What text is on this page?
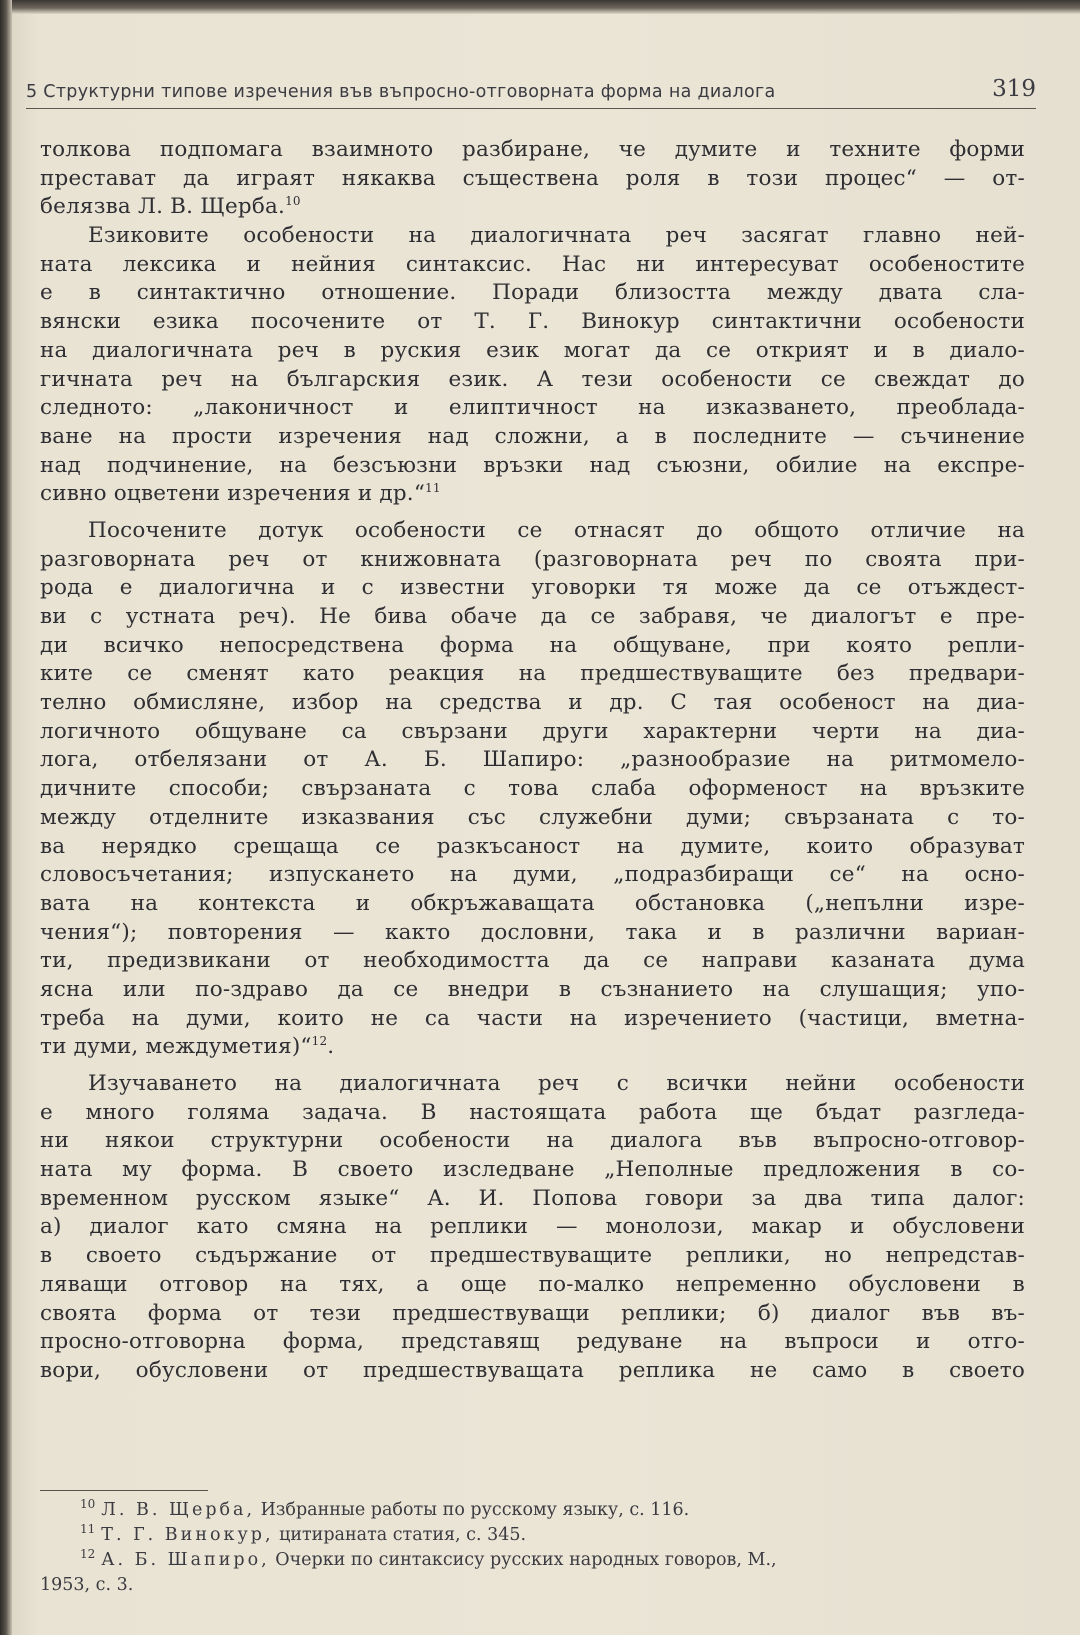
5 Структурни типове изречения във въпросно-отговорната форма на диалога	319
толкова подпомага взаимното разбиране, че думите и техните форми
престават да играят някаква съществена роля в този процес“ — от-
белязва Л. В. Щерба.$^{10}$
Езиковите особености на диалогичната реч засягат главно ней-
ната лексика и нейния синтаксис. Нас ни интересуват особеностите
е в синтактично отношение. Поради близостта между двата сла-
вянски езика посочените от Т. Г. Винокур синтактични особености
на диалогичната реч в руския език могат да се открият и в диало-
гичната реч на българския език. А тези особености се свеждат до
следното: „лаконичност и елиптичност на изказването, преоблада-
ване на прости изречения над сложни, а в последните — съчинение
над подчинение, на безсъюзни връзки над съюзни, обилие на експре-
сивно оцветени изречения и др.“$^{11}$
Посочените дотук особености се отнасят до общото отличие на
разговорната реч от книжовната (разговорната реч по своята при-
рода е диалогична и с известни уговорки тя може да се отъждест-
ви с устната реч). Не бива обаче да се забравя, че диалогът е пре-
ди всичко непосредствена форма на общуване, при която репли-
ките се сменят като реакция на предшествуващите без предвари-
телно обмисляне, избор на средства и др. С тая особеност на диа-
логичното общуване са свързани други характерни черти на диа-
лога, отбелязани от А. Б. Шапиро: „разнообразие на ритмомело-
дичните способи; свързаната с това слаба оформеност на връзките
между отделните изказвания със служебни думи; свързаната с то-
ва нерядко срещаща се разкъсаност на думите, които образуват
словосъчетания; изпускането на думи, „подразбиращи се“ на осно-
вата на контекста и обкръжаващата обстановка („непълни изре-
чения“); повторения — както дословни, така и в различни вариан-
ти, предизвикани от необходимостта да се направи казаната дума
ясна или по-здраво да се внедри в съзнанието на слушащия; упо-
треба на думи, които не са части на изречението (частици, вметна-
ти думи, междуметия)“$^{12}$.
Изучаването на диалогичната реч с всички нейни особености
е много голяма задача. В настоящата работа ще бъдат разгледа-
ни някои структурни особености на диалога във въпросно-отговор-
ната му форма. В своето изследване „Неполные предложения в со-
временном русском языке“ А. И. Попова говори за два типа далог:
а) диалог като смяна на реплики — монолози, макар и обусловени
в своето съдържание от предшествуващите реплики, но непредстав-
ляващи отговор на тях, а още по-малко непременно обусловени в
своята форма от тези предшествуващи реплики; б) диалог във въ-
просно-отговорна форма, представящ редуване на въпроси и отго-
вори, обусловени от предшествуващата реплика не само в своето
$^{10}$ Л. В. Щерба, Избранные работы по русскому языку, с. 116.
$^{11}$ Т. Г. Винокур, цитираната статия, с. 345.
$^{12}$ А. Б. Шапиро, Очерки по синтаксису русских народных говоров, М.,
1953, с. 3.
